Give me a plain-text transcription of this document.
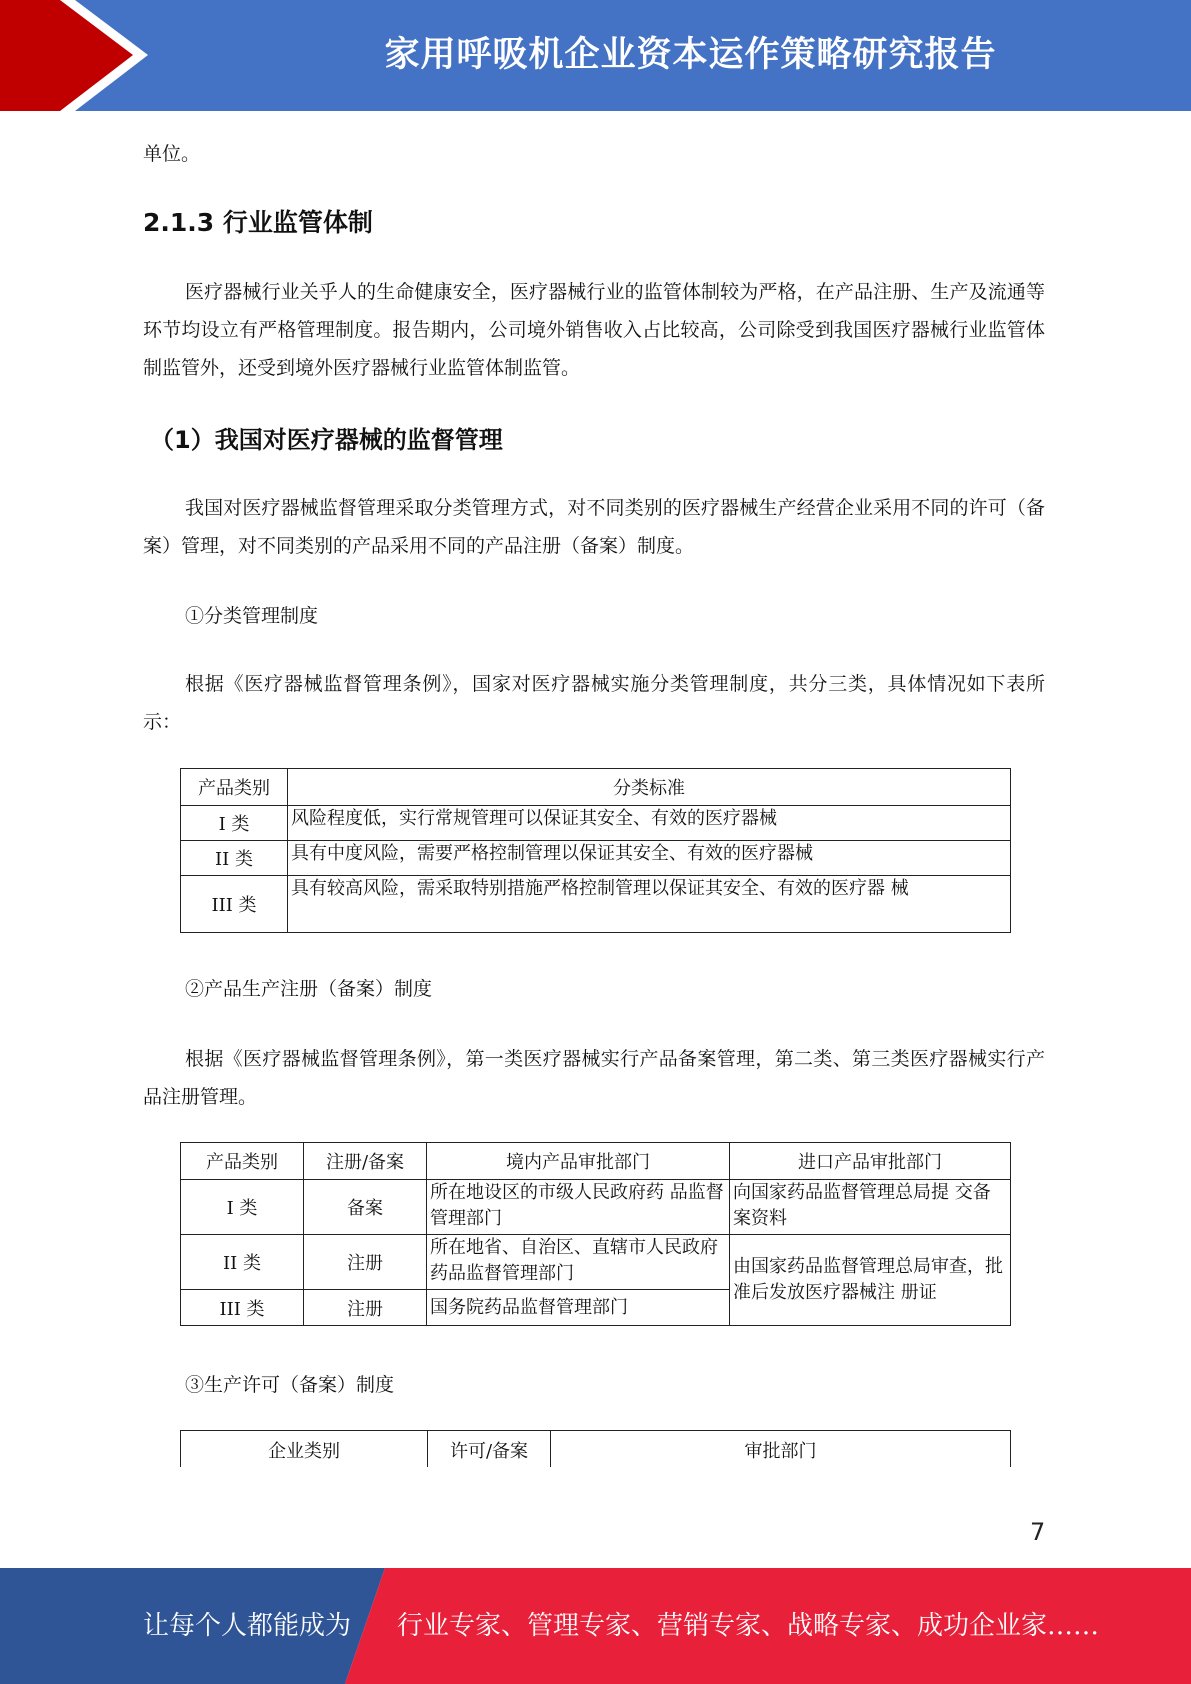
家用呼吸机企业资本运作策略研究报告

单位。

2.1.3 行业监管体制

医疗器械行业关乎人的生命健康安全，医疗器械行业的监管体制较为严格，在产品注册、生产及流通等环节均设立有严格管理制度。报告期内，公司境外销售收入占比较高，公司除受到我国医疗器械行业监管体制监管外，还受到境外医疗器械行业监管体制监管。

（1）我国对医疗器械的监督管理

我国对医疗器械监督管理采取分类管理方式，对不同类别的医疗器械生产经营企业采用不同的许可（备案）管理，对不同类别的产品采用不同的产品注册（备案）制度。

①分类管理制度

根据《医疗器械监督管理条例》，国家对医疗器械实施分类管理制度，共分三类，具体情况如下表所示：

产品类别	分类标准
I 类	风险程度低，实行常规管理可以保证其安全、有效的医疗器械
II 类	具有中度风险，需要严格控制管理以保证其安全、有效的医疗器械
III 类	具有较高风险，需采取特别措施严格控制管理以保证其安全、有效的医疗器 械

②产品生产注册（备案）制度

根据《医疗器械监督管理条例》，第一类医疗器械实行产品备案管理，第二类、第三类医疗器械实行产品注册管理。

产品类别	注册/备案	境内产品审批部门	进口产品审批部门
I 类	备案	所在地设区的市级人民政府药 品监督管理部门	向国家药品监督管理总局提 交备案资料
II 类	注册	所在地省、自治区、直辖市人民政府药品监督管理部门	由国家药品监督管理总局审查，批准后发放医疗器械注 册证
III 类	注册	国务院药品监督管理部门	

③生产许可（备案）制度

企业类别	许可/备案	审批部门
7
让每个人都能成为 行业专家、管理专家、营销专家、战略专家、成功企业家……
